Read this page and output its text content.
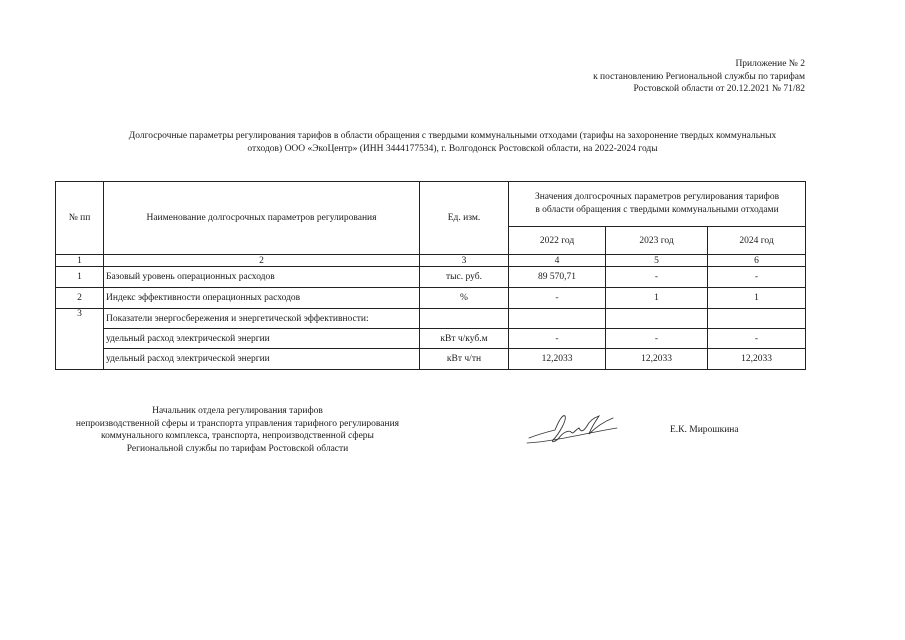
Приложение № 2
к постановлению Региональной службы по тарифам
Ростовской области от 20.12.2021 № 71/82
Долгосрочные параметры регулирования тарифов в области обращения с твердыми коммунальными отходами (тарифы на захоронение твердых коммунальных
отходов) ООО «ЭкоЦентр» (ИНН 3444177534), г. Волгодонск Ростовской области, на 2022-2024 годы
№ пп	Наименование долгосрочных параметров регулирования	Ед. изм.	Значения долгосрочных параметров регулирования тарифов
в области обращения с твердыми коммунальными отходами		

			2022 год	2023 год	2024 год
1	2	3	4	5	6
1	Базовый уровень операционных расходов	тыс. руб.	89 570,71	-	-
2	Индекс эффективности операционных расходов	%	-	1	1
3	Показатели энергосбережения и энергетической эффективности:				
	удельный расход электрической энергии	кВт ч/куб.м	-	-	-
	удельный расход электрической энергии	кВт ч/тн	12,2033	12,2033	12,2033
Начальник отдела регулирования тарифов
непроизводственной сферы и транспорта управления тарифного регулирования
коммунального комплекса, транспорта, непроизводственной сферы
Региональной службы по тарифам Ростовской области
Е.К. Мирошкина
